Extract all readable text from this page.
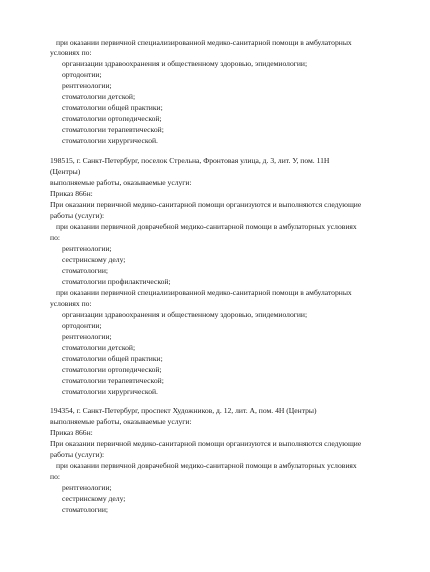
при оказании первичной специализированной медико-санитарной помощи в амбулаторных
условиях по:
организации здравоохранения и общественному здоровью, эпидемиологии;
ортодонтии;
рентгенологии;
стоматологии детской;
стоматологии общей практики;
стоматологии ортопедической;
стоматологии терапевтической;
стоматологии хирургической.
198515, г. Санкт-Петербург, поселок Стрельна, Фронтовая улица, д. 3, лит. У, пом. 11Н
(Центры)
выполняемые работы, оказываемые услуги:
Приказ 866н:
При оказании первичной медико-санитарной помощи организуются и выполняются следующие
работы (услуги):
при оказании первичной доврачебной медико-санитарной помощи в амбулаторных условиях
по:
рентгенологии;
сестринскому делу;
стоматологии;
стоматологии профилактической;
при оказании первичной специализированной медико-санитарной помощи в амбулаторных
условиях по:
организации здравоохранения и общественному здоровью, эпидемиологии;
ортодонтии;
рентгенологии;
стоматологии детской;
стоматологии общей практики;
стоматологии ортопедической;
стоматологии терапевтической;
стоматологии хирургической.
194354, г. Санкт-Петербург, проспект Художников, д. 12, лит. А, пом. 4Н (Центры)
выполняемые работы, оказываемые услуги:
Приказ 866н:
При оказании первичной медико-санитарной помощи организуются и выполняются следующие
работы (услуги):
при оказании первичной доврачебной медико-санитарной помощи в амбулаторных условиях
по:
рентгенологии;
сестринскому делу;
стоматологии;
